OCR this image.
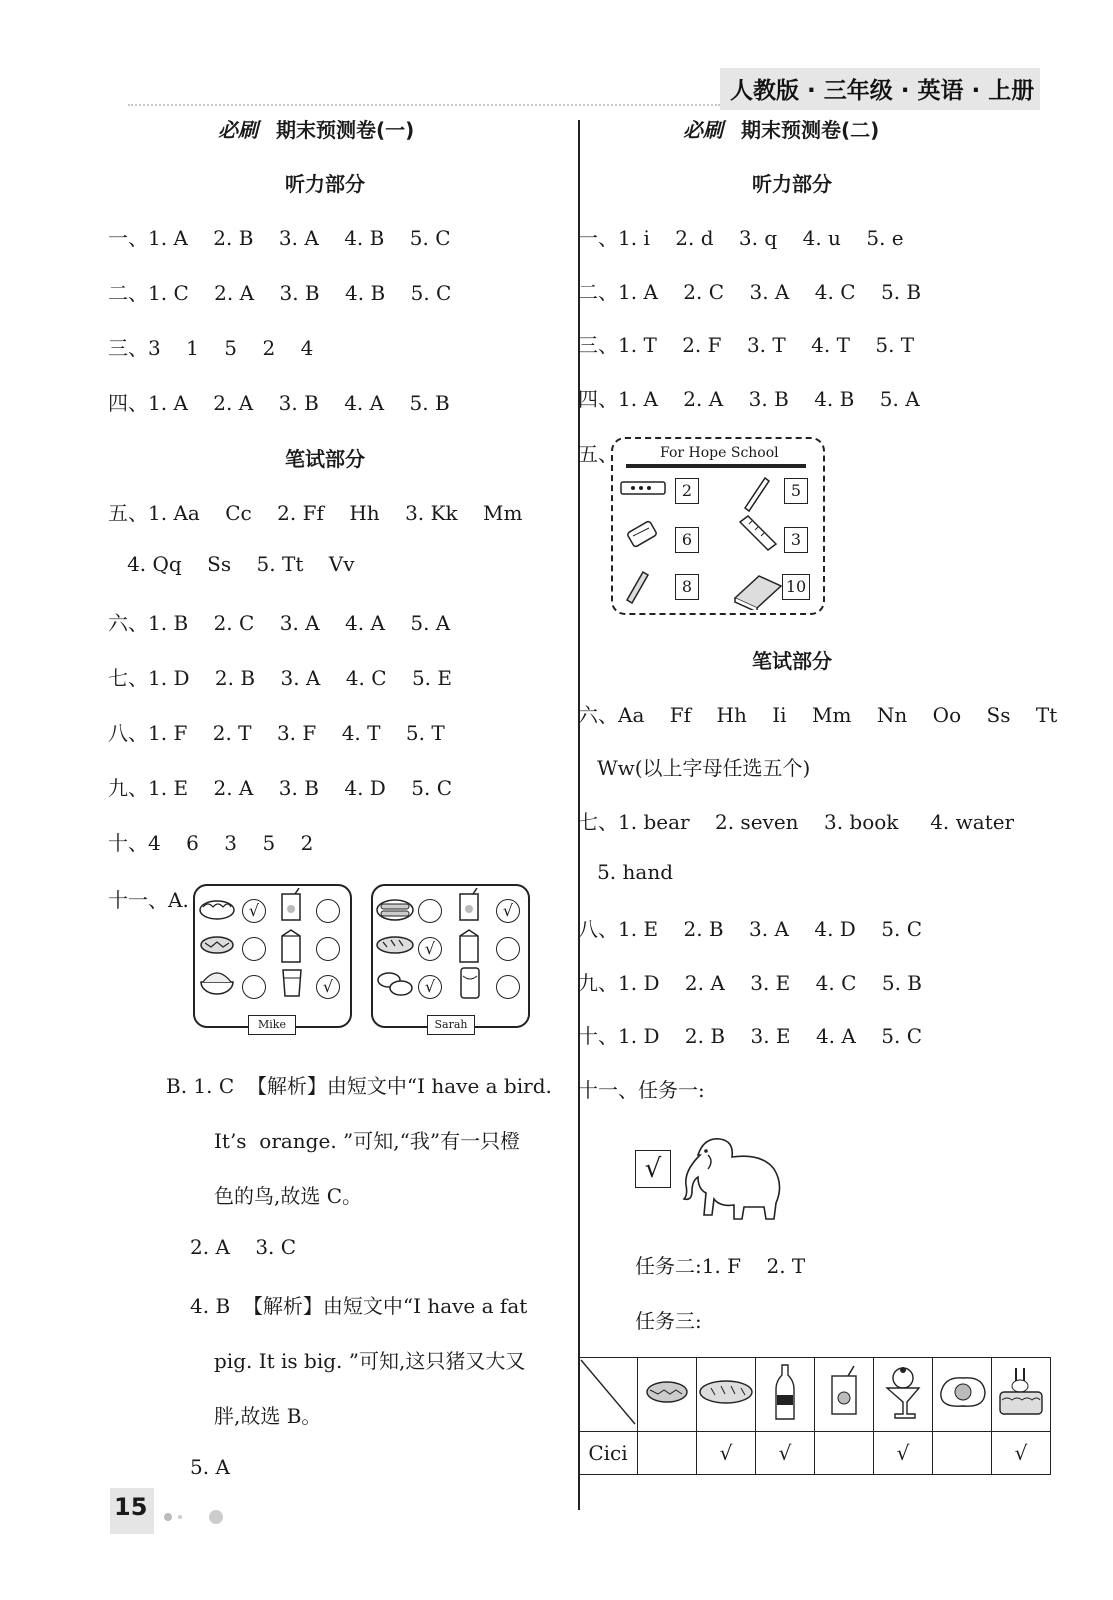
人教版 · 三年级 · 英语 · 上册
必刷 期末预测卷(一)
听力部分
一、1. A    2. B    3. A    4. B    5. C
二、1. C    2. A    3. B    4. B    5. C
三、3    1    5    2    4
四、1. A    2. A    3. B    4. A    5. B
笔试部分
五、1. Aa    Cc    2. Ff    Hh    3. Kk    Mm
4. Qq    Ss    5. Tt    Vv
六、1. B    2. C    3. A    4. A    5. A
七、1. D    2. B    3. A    4. C    5. E
八、1. F    2. T    3. F    4. T    5. T
九、1. E    2. A    3. B    4. D    5. C
十、4    6    3    5    2
十一、A.	√
√
Mike
√
√
√
Sarah
B. 1. C  【解析】由短文中“I have a bird.
It’s  orange. ”可知,“我”有一只橙
色的鸟,故选 C。
2. A    3. C
4. B  【解析】由短文中“I have a fat
pig. It is big. ”可知,这只猪又大又
胖,故选 B。
5. A
15
必刷 期末预测卷(二)
听力部分
一、1. i    2. d    3. q    4. u    5. e
二、1. A    2. C    3. A    4. C    5. B
三、1. T    2. F    3. T    4. T    5. T
四、1. A    2. A    3. B    4. B    5. A
五、	For Hope School
2	5
6	3
8	10
笔试部分
六、Aa    Ff    Hh    Ii    Mm    Nn    Oo    Ss    Tt
Ww(以上字母任选五个)
七、1. bear    2. seven    3. book     4. water
5. hand
八、1. E    2. B    3. A    4. D    5. C
九、1. D    2. A    3. E    4. C    5. B
十、1. D    2. B    3. E    4. A    5. C
十一、任务一:
√
任务二:1. F    2. T
任务三:

Cici		√	√		√		√
